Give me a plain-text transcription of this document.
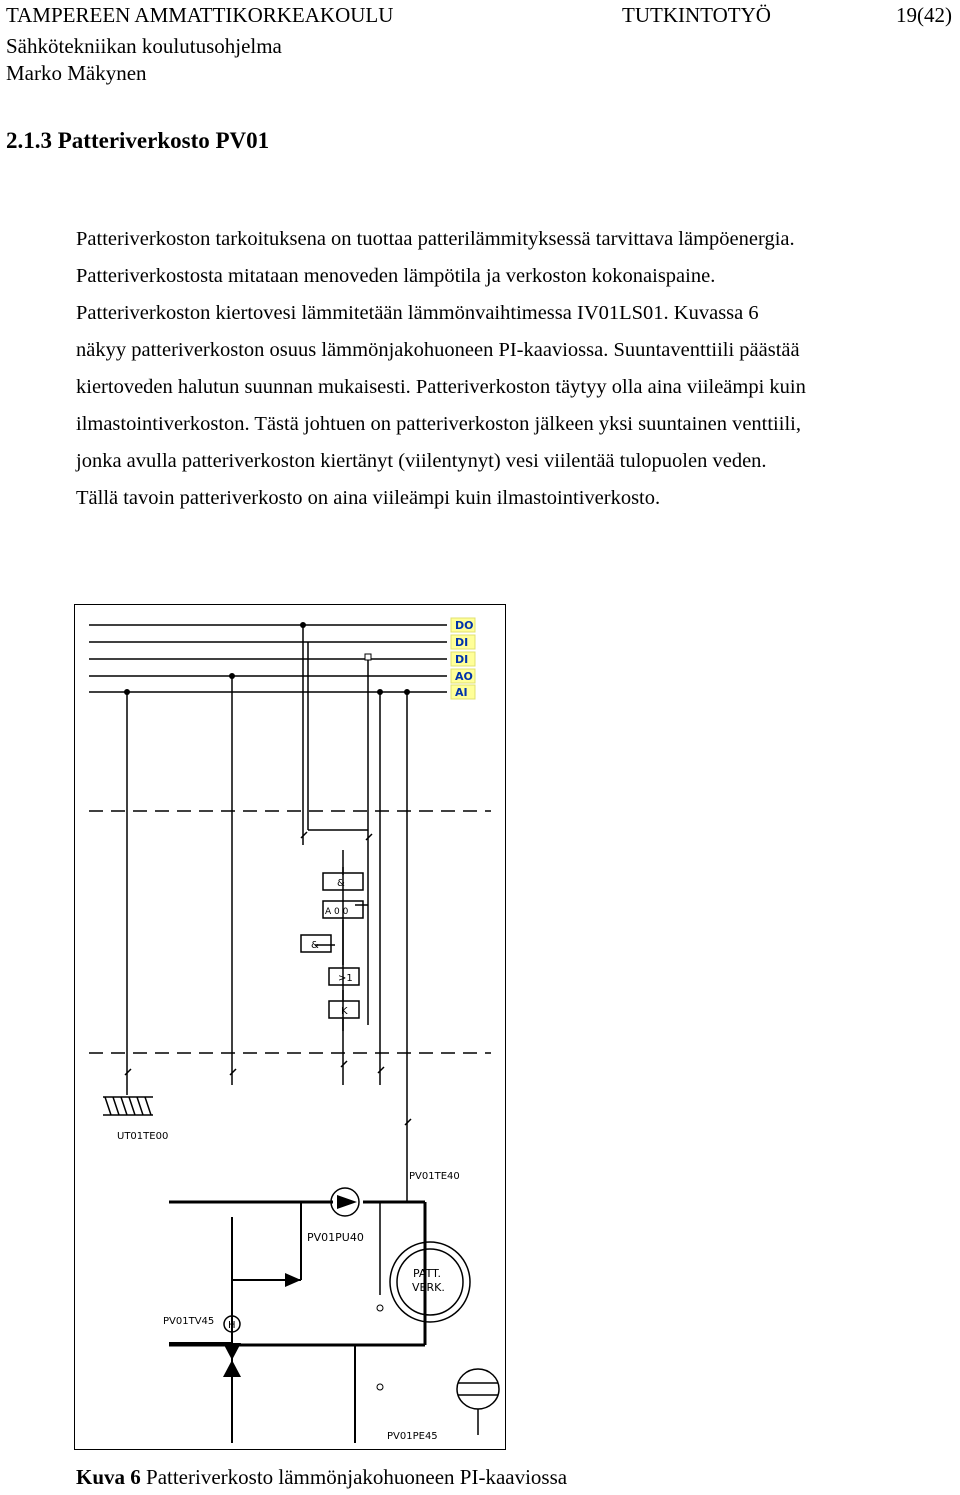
TAMPEREEN AMMATTIKORKEAKOULU	TUTKINTOTYÖ	19(42)
Sähkötekniikan koulutusohjelma
Marko Mäkynen
2.1.3 Patteriverkosto PV01

Patteriverkoston tarkoituksena on tuottaa patterilämmityksessä tarvittava lämpöenergia.
Patteriverkostosta mitataan menoveden lämpötila ja verkoston kokonaispaine.
Patteriverkoston kiertovesi lämmitetään lämmönvaihtimessa IV01LS01. Kuvassa 6
näkyy patteriverkoston osuus lämmönjakohuoneen PI-kaaviossa. Suuntaventtiili päästää
kiertoveden halutun suunnan mukaisesti. Patteriverkoston täytyy olla aina viileämpi kuin
ilmastointiverkoston. Tästä johtuen on patteriverkoston jälkeen yksi suuntainen venttiili,
jonka avulla patteriverkoston kiertänyt (viilentynyt) vesi viilentää tulopuolen veden.
Tällä tavoin patteriverkosto on aina viileämpi kuin ilmastointiverkosto.

DO
DI
DI
AO
AI
&
A 0 0
&
>1
K
UT01TE00
PV01TE40
PV01PU40
PV01TV45
PV01PE45
H
PATT.
VERK.
Kuva 6 Patteriverkosto lämmönjakohuoneen PI-kaaviossa
